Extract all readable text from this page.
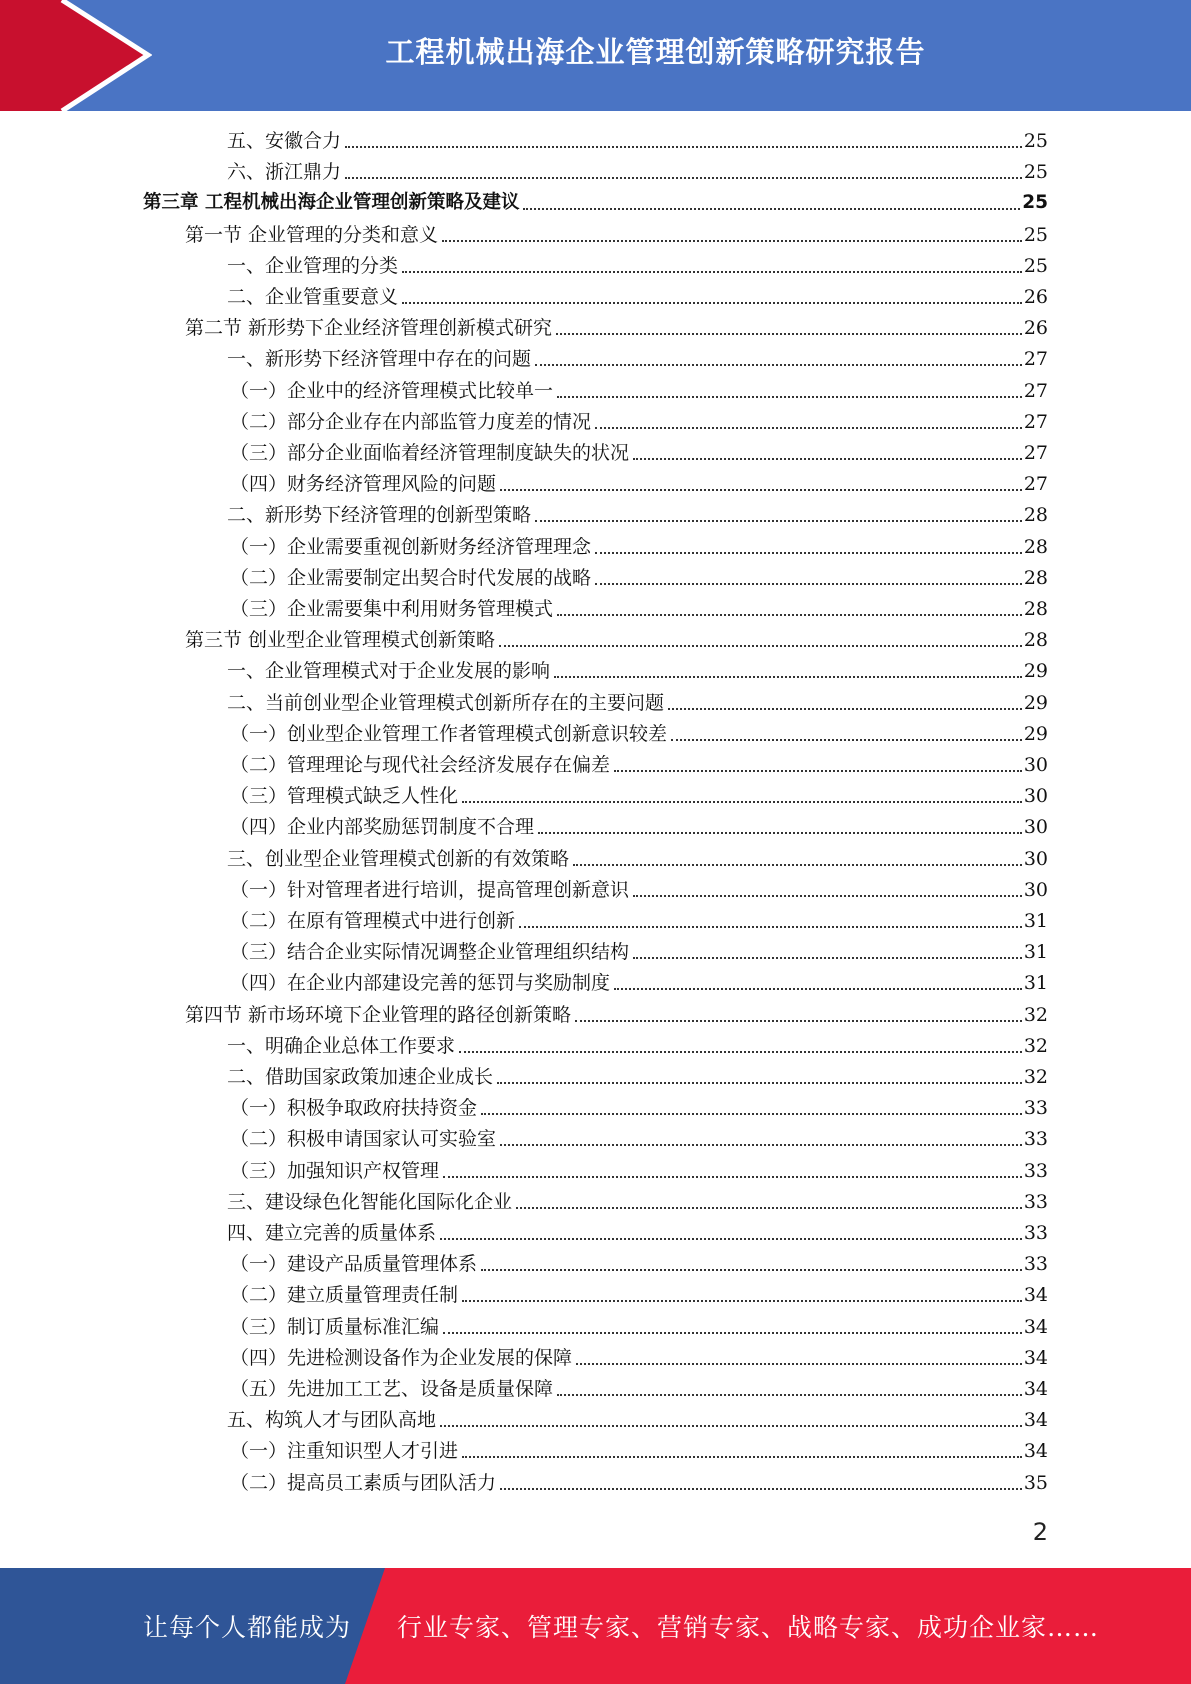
工程机械出海企业管理创新策略研究报告
五、安徽合力	25
六、浙江鼎力	25
第三章 工程机械出海企业管理创新策略及建议	25
第一节 企业管理的分类和意义	25
一、企业管理的分类	25
二、企业管重要意义	26
第二节 新形势下企业经济管理创新模式研究	26
一、新形势下经济管理中存在的问题	27
（一）企业中的经济管理模式比较单一	27
（二）部分企业存在内部监管力度差的情况	27
（三）部分企业面临着经济管理制度缺失的状况	27
（四）财务经济管理风险的问题	27
二、新形势下经济管理的创新型策略	28
（一）企业需要重视创新财务经济管理理念	28
（二）企业需要制定出契合时代发展的战略	28
（三）企业需要集中利用财务管理模式	28
第三节 创业型企业管理模式创新策略	28
一、企业管理模式对于企业发展的影响	29
二、当前创业型企业管理模式创新所存在的主要问题	29
（一）创业型企业管理工作者管理模式创新意识较差	29
（二）管理理论与现代社会经济发展存在偏差	30
（三）管理模式缺乏人性化	30
（四）企业内部奖励惩罚制度不合理	30
三、创业型企业管理模式创新的有效策略	30
（一）针对管理者进行培训，提高管理创新意识	30
（二）在原有管理模式中进行创新	31
（三）结合企业实际情况调整企业管理组织结构	31
（四）在企业内部建设完善的惩罚与奖励制度	31
第四节 新市场环境下企业管理的路径创新策略	32
一、明确企业总体工作要求	32
二、借助国家政策加速企业成长	32
（一）积极争取政府扶持资金	33
（二）积极申请国家认可实验室	33
（三）加强知识产权管理	33
三、建设绿色化智能化国际化企业	33
四、建立完善的质量体系	33
（一）建设产品质量管理体系	33
（二）建立质量管理责任制	34
（三）制订质量标准汇编	34
（四）先进检测设备作为企业发展的保障	34
（五）先进加工工艺、设备是质量保障	34
五、构筑人才与团队高地	34
（一）注重知识型人才引进	34
（二）提高员工素质与团队活力	35
2
让每个人都能成为 行业专家、管理专家、营销专家、战略专家、成功企业家……
